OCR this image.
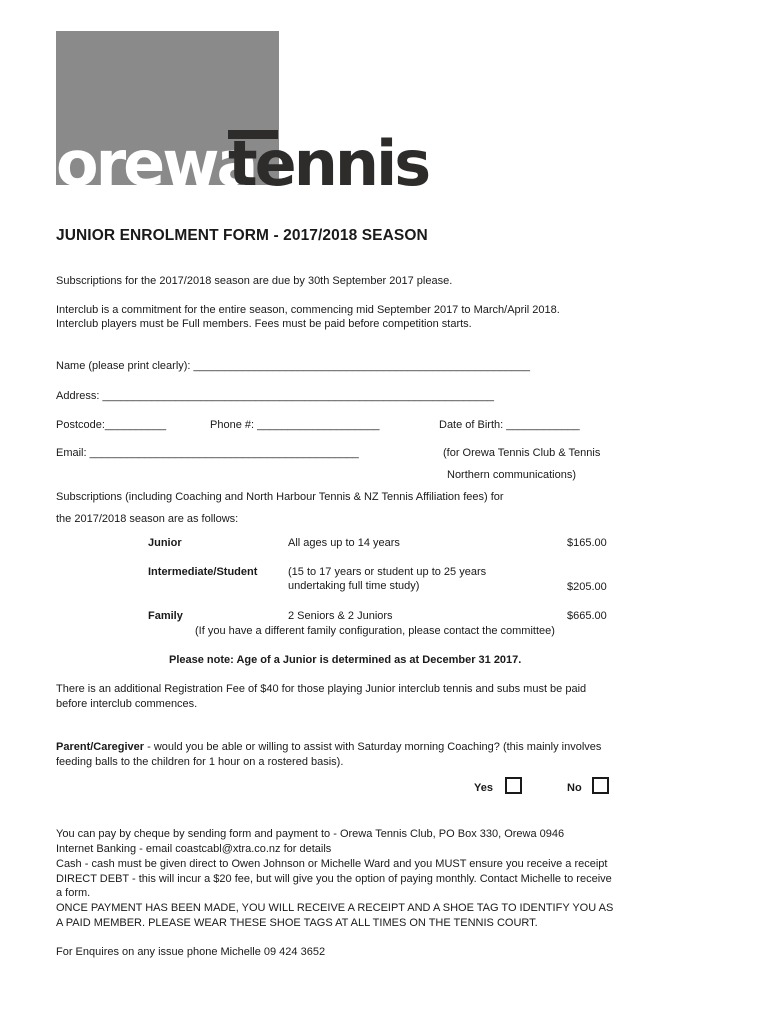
orewa
tennis
JUNIOR ENROLMENT FORM - 2017/2018 SEASON
Subscriptions for the 2017/2018 season are due by 30th September 2017 please.
Interclub is a commitment for the entire season, commencing mid September 2017 to March/April 2018.
Interclub players must be Full members. Fees must be paid before competition starts.
Name (please print clearly): _______________________________________________________
Address: ________________________________________________________________
Postcode:__________	Phone #: ____________________	Date of Birth: ____________
Email: ____________________________________________	(for Orewa Tennis Club & Tennis
Northern communications)
Subscriptions (including Coaching and North Harbour Tennis & NZ Tennis Affiliation fees) for
the 2017/2018 season are as follows:
Junior	All ages up to 14 years	$165.00
Intermediate/Student	(15 to 17 years or student up to 25 years
undertaking full time study)	$205.00
Family	2 Seniors & 2 Juniors	$665.00
(If you have a different family configuration, please contact the committee)
Please note: Age of a Junior is determined as at December 31 2017.
There is an additional Registration Fee of $40 for those playing Junior interclub tennis and subs must be paid
before interclub commences.
Parent/Caregiver - would you be able or willing to assist with Saturday morning Coaching? (this mainly involves
feeding balls to the children for 1 hour on a rostered basis).
Yes	No
You can pay by cheque by sending form and payment to - Orewa Tennis Club, PO Box 330, Orewa 0946
Internet Banking - email coastcabl@xtra.co.nz for details
Cash - cash must be given direct to Owen Johnson or Michelle Ward and you MUST ensure you receive a receipt
DIRECT DEBT - this will incur a $20 fee, but will give you the option of paying monthly. Contact Michelle to receive
a form.
ONCE PAYMENT HAS BEEN MADE, YOU WILL RECEIVE A RECEIPT AND A SHOE TAG TO IDENTIFY YOU AS
A PAID MEMBER. PLEASE WEAR THESE SHOE TAGS AT ALL TIMES ON THE TENNIS COURT.
For Enquires on any issue phone Michelle 09 424 3652
